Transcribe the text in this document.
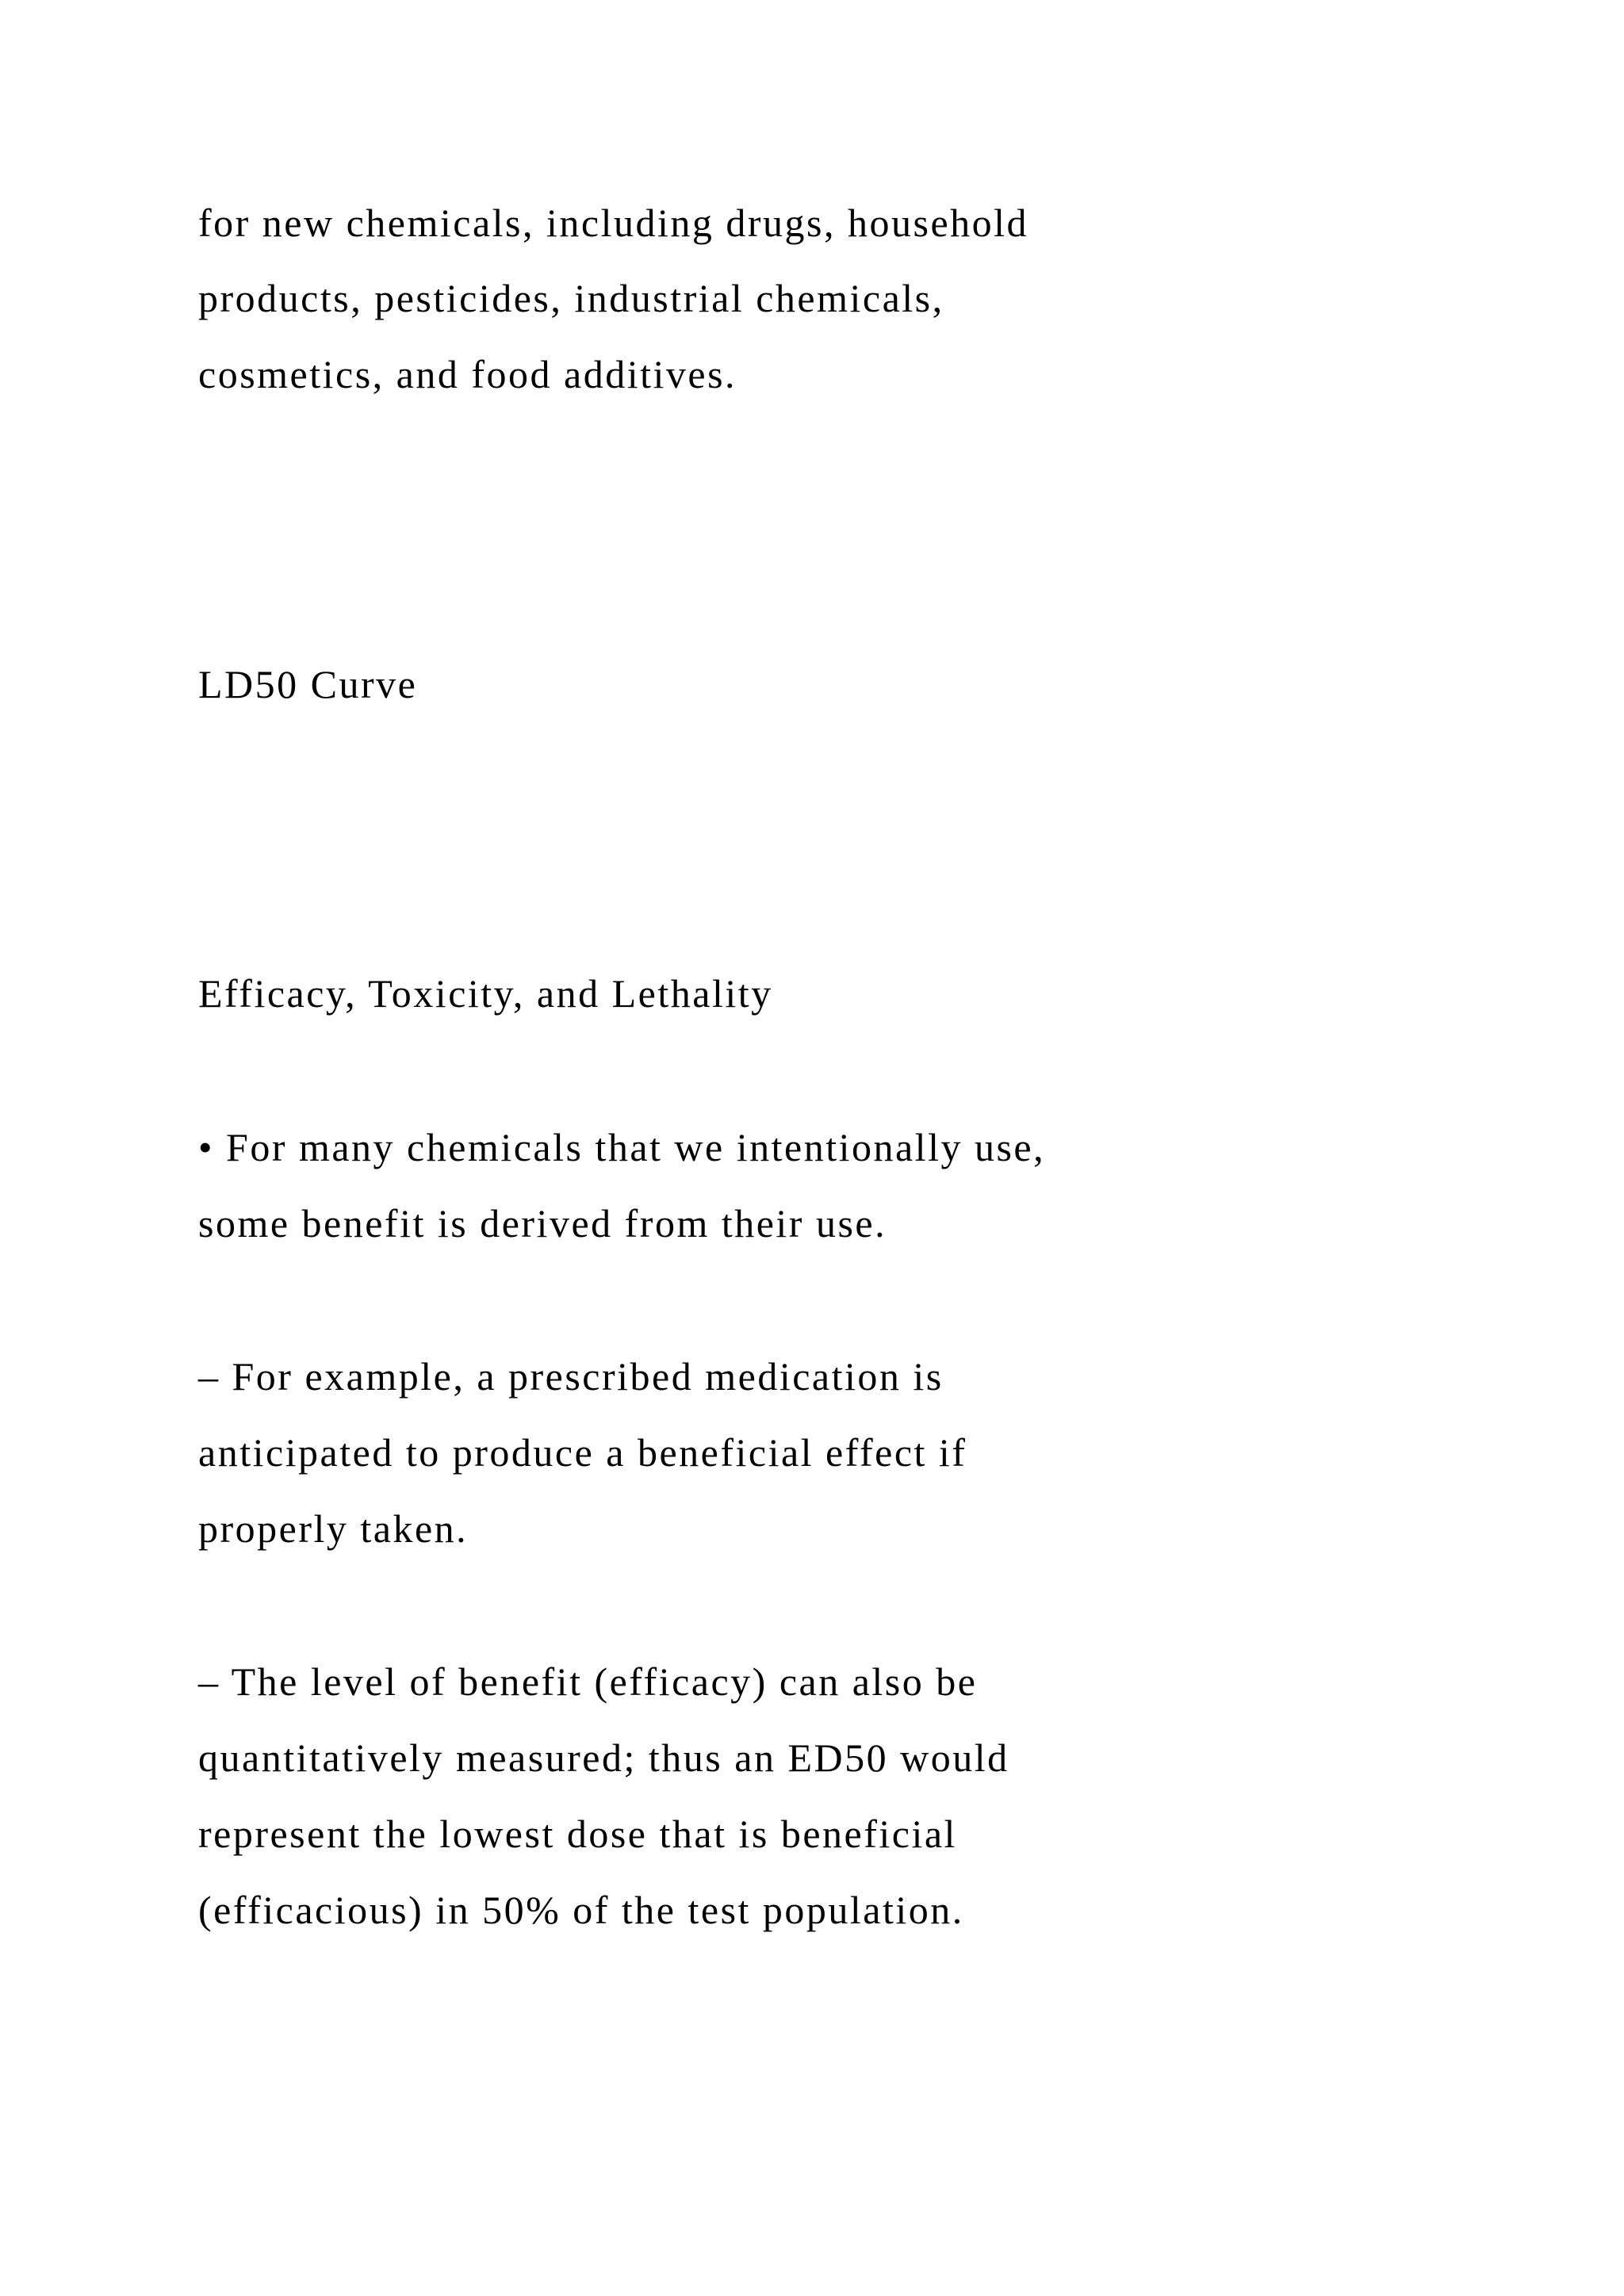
for new chemicals, including drugs, household

products, pesticides, industrial chemicals,

cosmetics, and food additives.

LD50 Curve

Efficacy, Toxicity, and Lethality

• For many chemicals that we intentionally use,

some benefit is derived from their use.

– For example, a prescribed medication is

anticipated to produce a beneficial effect if

properly taken.

– The level of benefit (efficacy) can also be

quantitatively measured; thus an ED50 would

represent the lowest dose that is beneficial

(efficacious) in 50% of the test population.
